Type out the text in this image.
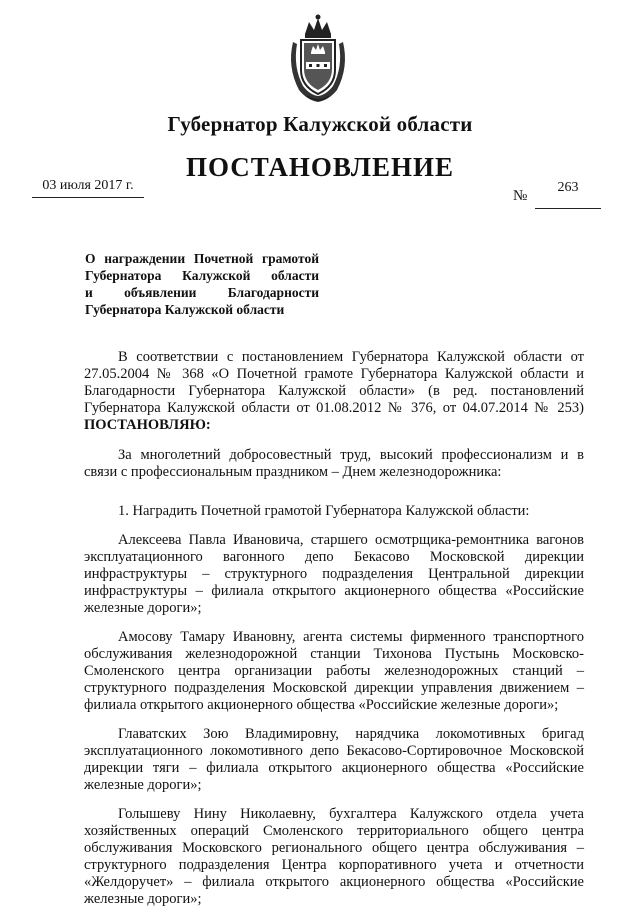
Губернатор Калужской области
ПОСТАНОВЛЕНИЕ
03 июля 2017 г.
№
263
О награждении Почетной грамотой
Губернатора Калужской области
и объявлении Благодарности
Губернатора Калужской области

В соответствии с постановлением Губернатора Калужской области от 27.05.2004 № 368 «О Почетной грамоте Губернатора Калужской области и Благодарности Губернатора Калужской области» (в ред. постановлений Губернатора Калужской области от 01.08.2012 № 376, от 04.07.2014 № 253) ПОСТАНОВЛЯЮ:

За многолетний добросовестный труд, высокий профессионализм и в связи с профессиональным праздником – Днем железнодорожника:

1. Наградить Почетной грамотой Губернатора Калужской области:

Алексеева Павла Ивановича, старшего осмотрщика-ремонтника вагонов эксплуатационного вагонного депо Бекасово Московской дирекции инфраструктуры – структурного подразделения Центральной дирекции инфраструктуры – филиала открытого акционерного общества «Российские железные дороги»;

Амосову Тамару Ивановну, агента системы фирменного транспортного обслуживания железнодорожной станции Тихонова Пустынь Московско-Смоленского центра организации работы железнодорожных станций – структурного подразделения Московской дирекции управления движением – филиала открытого акционерного общества «Российские железные дороги»;

Главатских Зою Владимировну, нарядчика локомотивных бригад эксплуатационного локомотивного депо Бекасово-Сортировочное Московской дирекции тяги – филиала открытого акционерного общества «Российские железные дороги»;

Голышеву Нину Николаевну, бухгалтера Калужского отдела учета хозяйственных операций Смоленского территориального общего центра обслуживания Московского регионального общего центра обслуживания – структурного подразделения Центра корпоративного учета и отчетности «Желдоручет» – филиала открытого акционерного общества «Российские железные дороги»;
